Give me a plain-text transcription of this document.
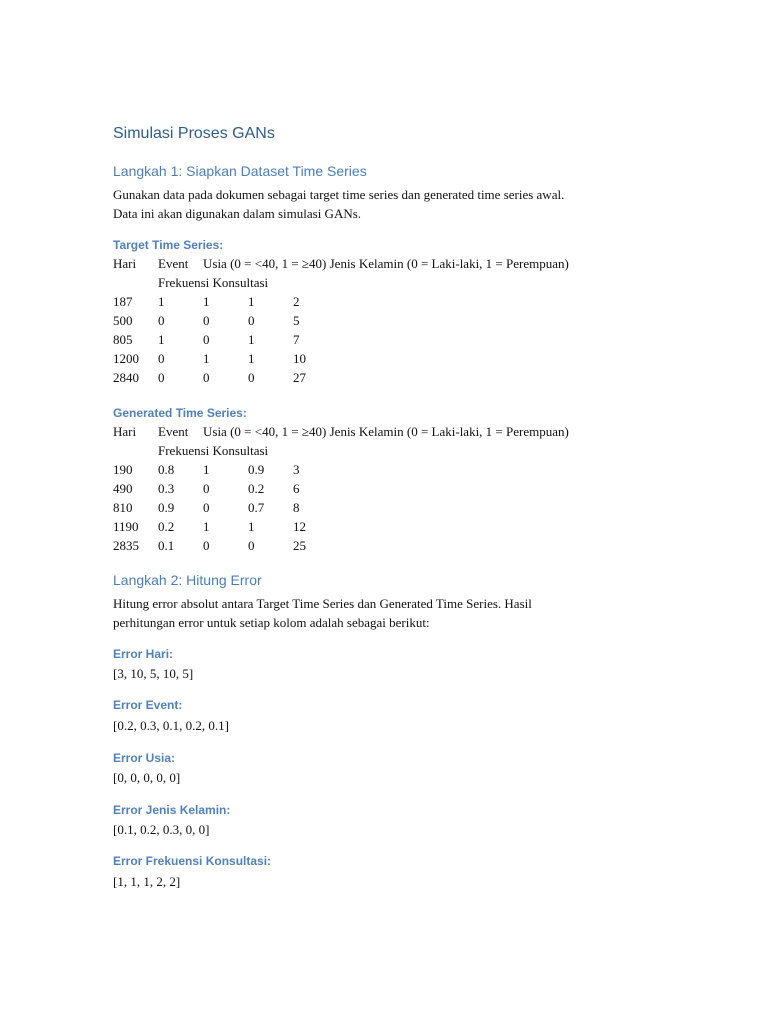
Simulasi Proses GANs
Langkah 1: Siapkan Dataset Time Series
Gunakan data pada dokumen sebagai target time series dan generated time series awal.
Data ini akan digunakan dalam simulasi GANs.
Target Time Series:
Hari Event Usia (0 = <40, 1 = ≥40) Jenis Kelamin (0 = Laki-laki, 1 = Perempuan)
Frekuensi Konsultasi
187 1	1	1	2
500 0	0	0	5
805 1	0	1	7
1200 0	1	1	10
2840 0	0	0	27
Generated Time Series:
Hari Event Usia (0 = <40, 1 = ≥40) Jenis Kelamin (0 = Laki-laki, 1 = Perempuan)
Frekuensi Konsultasi
190 0.8 1	0.9 3
490 0.3 0	0.2 6
810 0.9 0	0.7 8
1190 0.2 1	1	12
2835 0.1 0	0	25
Langkah 2: Hitung Error
Hitung error absolut antara Target Time Series dan Generated Time Series. Hasil
perhitungan error untuk setiap kolom adalah sebagai berikut:
Error Hari:
[3, 10, 5, 10, 5]
Error Event:
[0.2, 0.3, 0.1, 0.2, 0.1]
Error Usia:
[0, 0, 0, 0, 0]
Error Jenis Kelamin:
[0.1, 0.2, 0.3, 0, 0]
Error Frekuensi Konsultasi:
[1, 1, 1, 2, 2]
